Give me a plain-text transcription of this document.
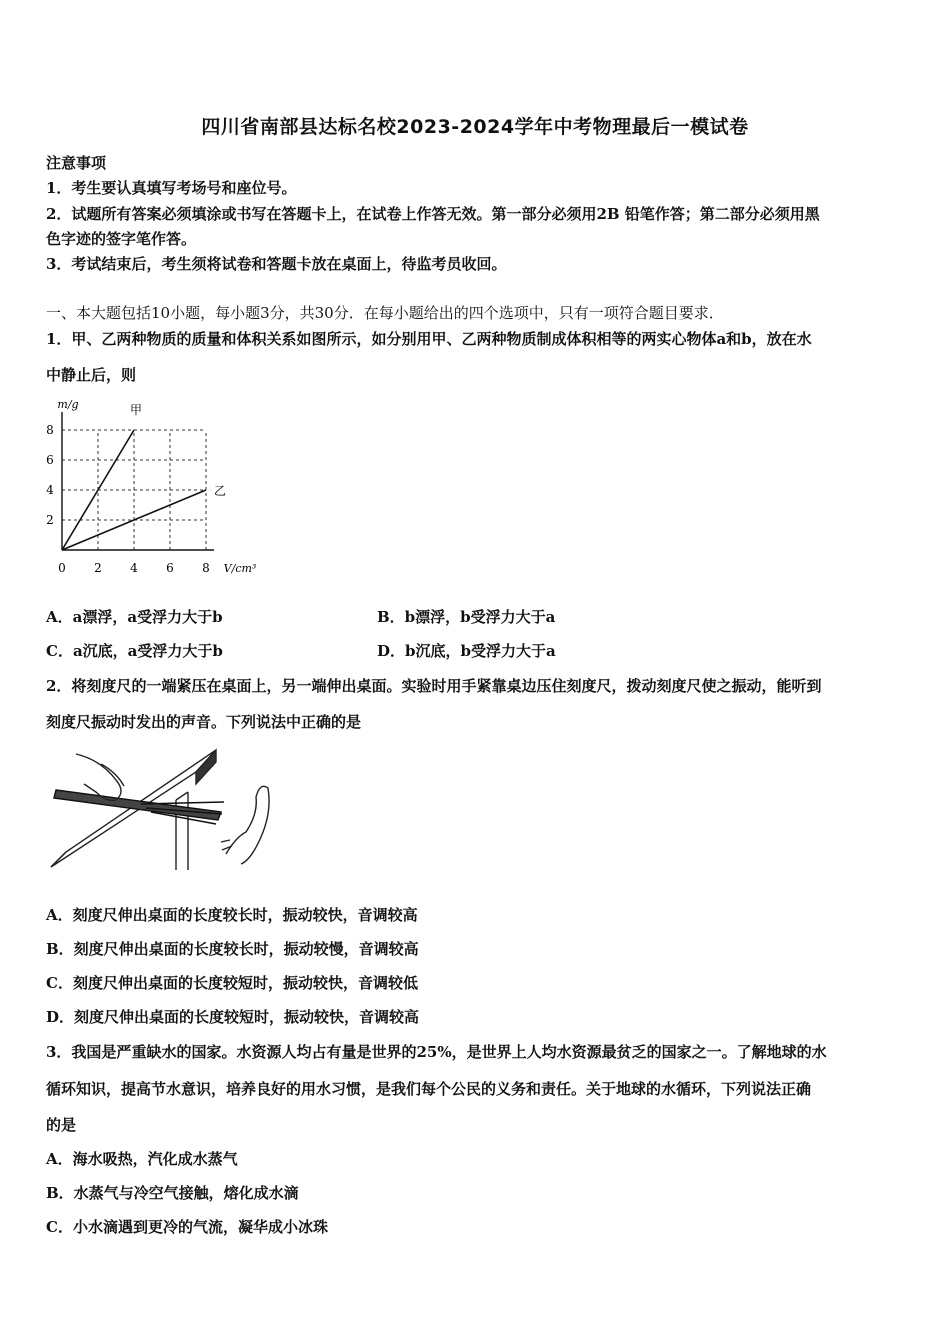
四川省南部县达标名校2023-2024学年中考物理最后一模试卷
注意事项
1．考生要认真填写考场号和座位号。
2．试题所有答案必须填涂或书写在答题卡上，在试卷上作答无效。第一部分必须用2B 铅笔作答；第二部分必须用黑
色字迹的签字笔作答。
3．考试结束后，考生须将试卷和答题卡放在桌面上，待监考员收回。
一、本大题包括10小题，每小题3分，共30分．在每小题给出的四个选项中，只有一项符合题目要求．
1．甲、乙两种物质的质量和体积关系如图所示，如分别用甲、乙两种物质制成体积相等的两实心物体a和b，放在水
中静止后，则
0 2 4 6 8
2
4
6
8
V/cm³
m/g	甲
乙
A．a漂浮，a受浮力大于b	B．b漂浮，b受浮力大于a
C．a沉底，a受浮力大于b	D．b沉底，b受浮力大于a
2．将刻度尺的一端紧压在桌面上，另一端伸出桌面。实验时用手紧靠桌边压住刻度尺，拨动刻度尺使之振动，能听到
刻度尺振动时发出的声音。下列说法中正确的是
A．刻度尺伸出桌面的长度较长时，振动较快，音调较高
B．刻度尺伸出桌面的长度较长时，振动较慢，音调较高
C．刻度尺伸出桌面的长度较短时，振动较快，音调较低
D．刻度尺伸出桌面的长度较短时，振动较快，音调较高
3．我国是严重缺水的国家。水资源人均占有量是世界的25%，是世界上人均水资源最贫乏的国家之一。了解地球的水
循环知识，提高节水意识，培养良好的用水习惯，是我们每个公民的义务和责任。关于地球的水循环，下列说法正确
的是
A．海水吸热，汽化成水蒸气
B．水蒸气与冷空气接触，熔化成水滴
C．小水滴遇到更冷的气流，凝华成小冰珠
